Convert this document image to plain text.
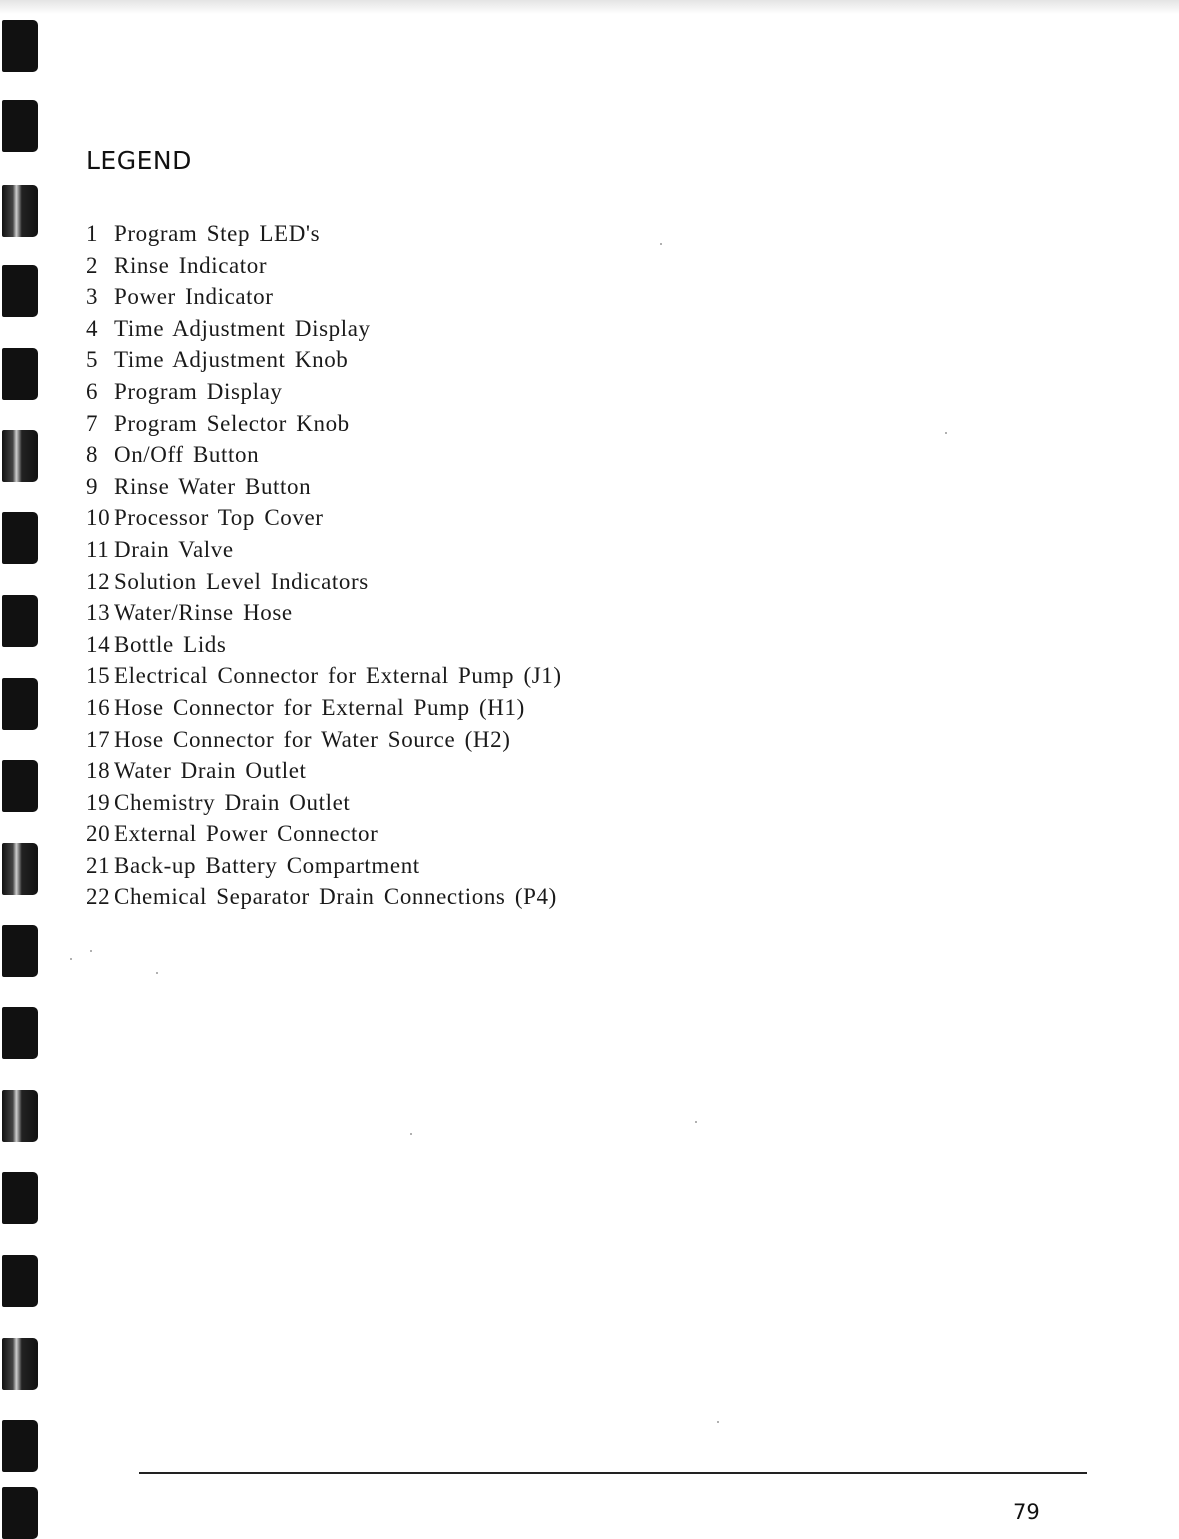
LEGEND
1 Program Step LED's
2 Rinse Indicator
3 Power Indicator
4 Time Adjustment Display
5 Time Adjustment Knob
6 Program Display
7 Program Selector Knob
8 On/Off Button
9 Rinse Water Button
10 Processor Top Cover
11 Drain Valve
12 Solution Level Indicators
13 Water/Rinse Hose
14 Bottle Lids
15 Electrical Connector for External Pump (J1)
16 Hose Connector for External Pump (H1)
17 Hose Connector for Water Source (H2)
18 Water Drain Outlet
19 Chemistry Drain Outlet
20 External Power Connector
21 Back-up Battery Compartment
22 Chemical Separator Drain Connections (P4)
79
